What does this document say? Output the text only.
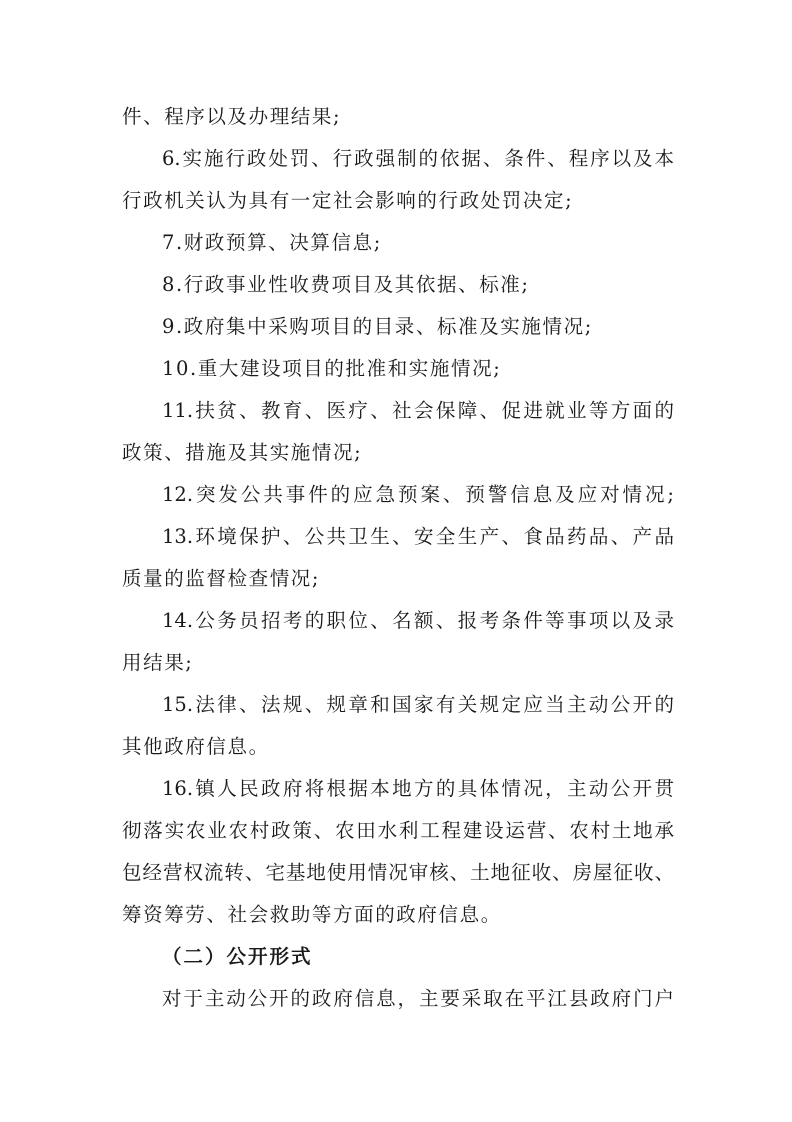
件、程序以及办理结果;
6.实施行政处罚、行政强制的依据、条件、程序以及本
行政机关认为具有一定社会影响的行政处罚决定;
7.财政预算、决算信息;
8.行政事业性收费项目及其依据、标准;
9.政府集中采购项目的目录、标准及实施情况;
10.重大建设项目的批准和实施情况;
11.扶贫、教育、医疗、社会保障、促进就业等方面的
政策、措施及其实施情况;
12.突发公共事件的应急预案、预警信息及应对情况;
13.环境保护、公共卫生、安全生产、食品药品、产品
质量的监督检查情况;
14.公务员招考的职位、名额、报考条件等事项以及录
用结果;
15.法律、法规、规章和国家有关规定应当主动公开的
其他政府信息。
16.镇人民政府将根据本地方的具体情况，主动公开贯
彻落实农业农村政策、农田水利工程建设运营、农村土地承
包经营权流转、宅基地使用情况审核、土地征收、房屋征收、
筹资筹劳、社会救助等方面的政府信息。
（二）公开形式
对于主动公开的政府信息，主要采取在平江县政府门户
